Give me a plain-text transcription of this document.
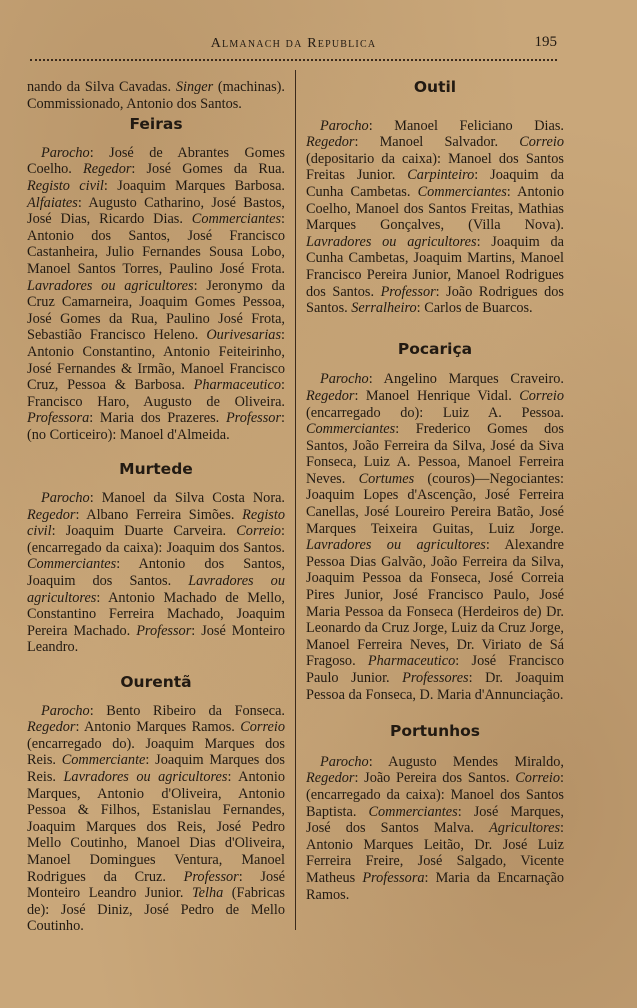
Almanach da Republica	195

nando da Silva Cavadas. Singer (machinas). Commissionado, Antonio dos Santos.

Feiras

Parocho: José de Abrantes Gomes Coelho. Regedor: José Gomes da Rua. Registo civil: Joaquim Marques Barbosa. Alfaiates: Augusto Catharino, José Bastos, José Dias, Ricardo Dias. Commerciantes: Antonio dos Santos, José Francisco Castanheira, Julio Fernandes Sousa Lobo, Manoel Santos Torres, Paulino José Frota. Lavradores ou agricultores: Jeronymo da Cruz Camarneira, Joaquim Gomes Pessoa, José Gomes da Rua, Paulino José Frota, Sebastião Francisco Heleno. Ourivesarias: Antonio Constantino, Antonio Feiteirinho, José Fernandes & Irmão, Manoel Francisco Cruz, Pessoa & Barbosa. Pharmaceutico: Francisco Haro, Augusto de Oliveira. Professora: Maria dos Prazeres. Professor: (no Corticeiro): Manoel d'Almeida.

Murtede

Parocho: Manoel da Silva Costa Nora. Regedor: Albano Ferreira Simões. Registo civil: Joaquim Duarte Carveira. Correio: (encarregado da caixa): Joaquim dos Santos. Commerciantes: Antonio dos Santos, Joaquim dos Santos. Lavradores ou agricultores: Antonio Machado de Mello, Constantino Ferreira Machado, Joaquim Pereira Machado. Professor: José Monteiro Leandro.

Ourentã

Parocho: Bento Ribeiro da Fonseca. Regedor: Antonio Marques Ramos. Correio (encarregado do). Joaquim Marques dos Reis. Commerciante: Joaquim Marques dos Reis. Lavradores ou agricultores: Antonio Marques, Antonio d'Oliveira, Antonio Pessoa & Filhos, Estanislau Fernandes, Joaquim Marques dos Reis, José Pedro Mello Coutinho, Manoel Dias d'Oliveira, Manoel Domingues Ventura, Manoel Rodrigues da Cruz. Professor: José Monteiro Leandro Junior. Telha (Fabricas de): José Diniz, José Pedro de Mello Coutinho.

Outil

Parocho: Manoel Feliciano Dias. Regedor: Manoel Salvador. Correio (depositario da caixa): Manoel dos Santos Freitas Junior. Carpinteiro: Joaquim da Cunha Cambetas. Commerciantes: Antonio Coelho, Manoel dos Santos Freitas, Mathias Marques Gonçalves, (Villa Nova). Lavradores ou agricultores: Joaquim da Cunha Cambetas, Joaquim Martins, Manoel Francisco Pereira Junior, Manoel Rodrigues dos Santos. Professor: João Rodrigues dos Santos. Serralheiro: Carlos de Buarcos.

Pocariça

Parocho: Angelino Marques Craveiro. Regedor: Manoel Henrique Vidal. Correio (encarregado do): Luiz A. Pessoa. Commerciantes: Frederico Gomes dos Santos, João Ferreira da Silva, José da Siva Fonseca, Luiz A. Pessoa, Manoel Ferreira Neves. Cortumes (couros)—Negociantes: Joaquim Lopes d'Ascenção, José Ferreira Canellas, José Loureiro Pereira Batão, José Marques Teixeira Guitas, Luiz Jorge. Lavradores ou agricultores: Alexandre Pessoa Dias Galvão, João Ferreira da Silva, Joaquim Pessoa da Fonseca, José Correia Pires Junior, José Francisco Paulo, José Maria Pessoa da Fonseca (Herdeiros de) Dr. Leonardo da Cruz Jorge, Luiz da Cruz Jorge, Manoel Ferreira Neves, Dr. Viriato de Sá Fragoso. Pharmaceutico: José Francisco Paulo Junior. Professores: Dr. Joaquim Pessoa da Fonseca, D. Maria d'Annunciação.

Portunhos

Parocho: Augusto Mendes Miraldo, Regedor: João Pereira dos Santos. Correio: (encarregado da caixa): Manoel dos Santos Baptista. Commerciantes: José Marques, José dos Santos Malva. Agricultores: Antonio Marques Leitão, Dr. José Luiz Ferreira Freire, José Salgado, Vicente Matheus Professora: Maria da Encarnação Ramos.
